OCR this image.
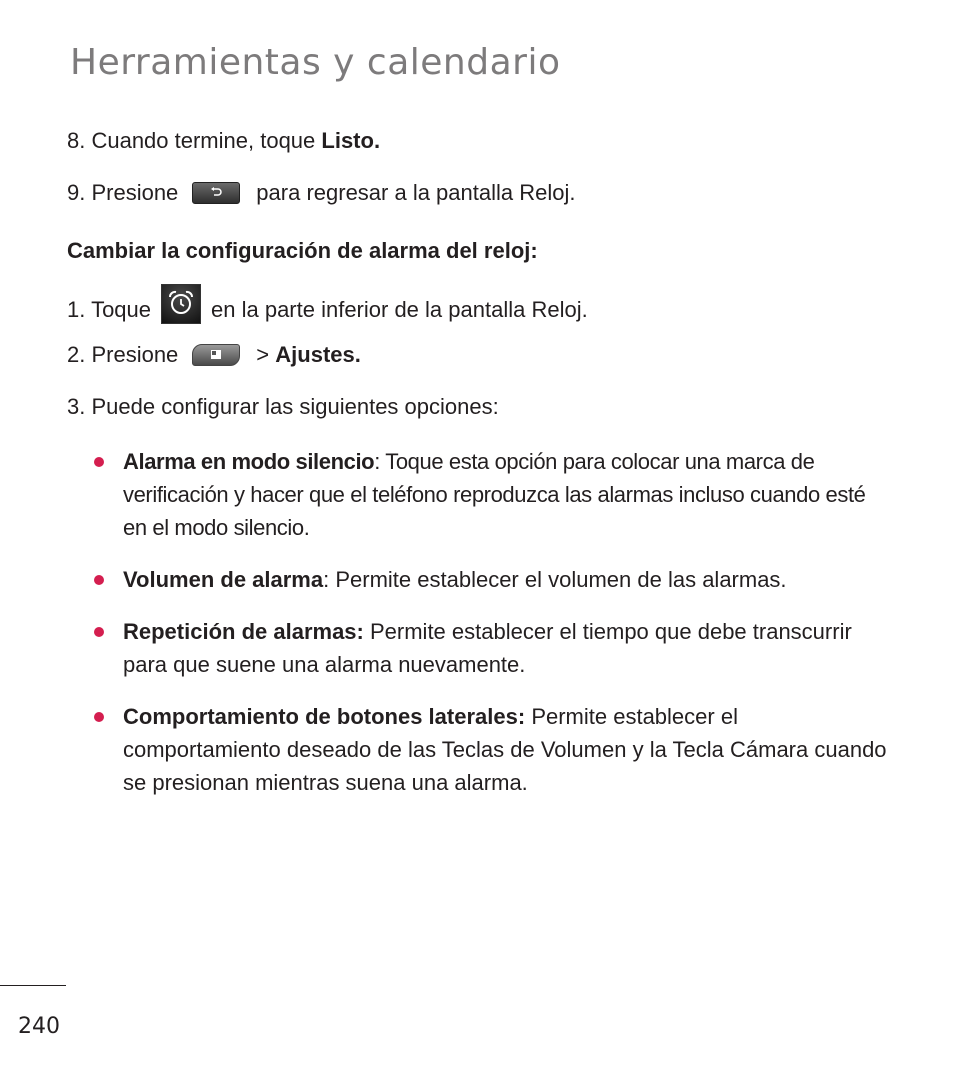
Herramientas y calendario
8. Cuando termine, toque Listo.
9. Presione	para regresar a la pantalla Reloj.
Cambiar la configuración de alarma del reloj:
1. Toque	en la parte inferior de la pantalla Reloj.
2. Presione	> Ajustes.
3. Puede configurar las siguientes opciones:
Alarma en modo silencio: Toque esta opción para colocar una marca de verificación y hacer que el teléfono reproduzca las alarmas incluso cuando esté en el modo silencio.
Volumen de alarma: Permite establecer el volumen de las alarmas.
Repetición de alarmas: Permite establecer el tiempo que debe transcurrir para que suene una alarma nuevamente.
Comportamiento de botones laterales: Permite establecer el comportamiento deseado de las Teclas de Volumen y la Tecla Cámara cuando se presionan mientras suena una alarma.
240
